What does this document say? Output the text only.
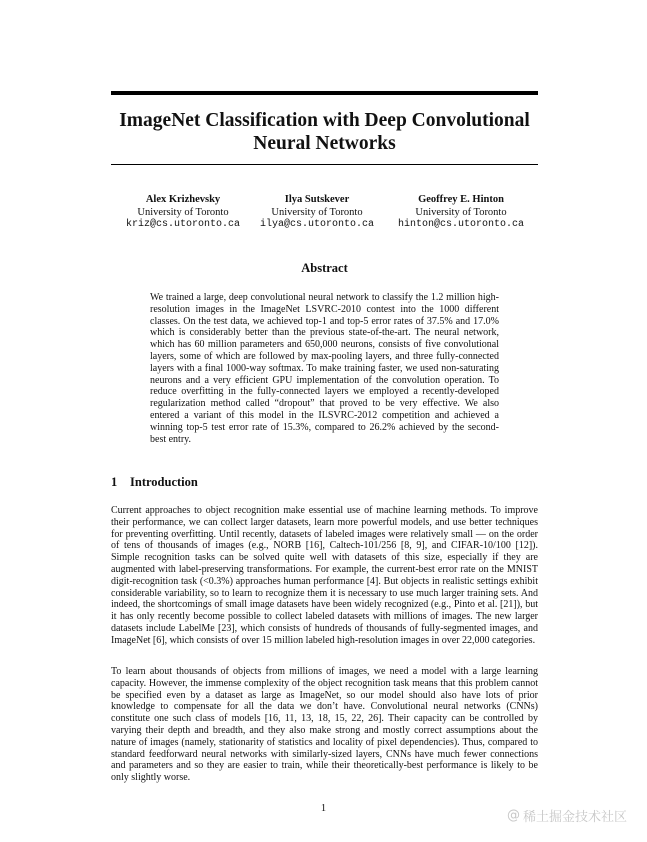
ImageNet Classification with Deep Convolutional
Neural Networks
Alex Krizhevsky
University of Toronto
kriz@cs.utoronto.ca
Ilya Sutskever
University of Toronto
ilya@cs.utoronto.ca
Geoffrey E. Hinton
University of Toronto
hinton@cs.utoronto.ca
Abstract

We trained a large, deep convolutional neural network to classify the 1.2 million high-resolution images in the ImageNet LSVRC-2010 contest into the 1000 different classes. On the test data, we achieved top-1 and top-5 error rates of 37.5% and 17.0% which is considerably better than the previous state-of-the-art. The neural network, which has 60 million parameters and 650,000 neurons, consists of five convolutional layers, some of which are followed by max-pooling layers, and three fully-connected layers with a final 1000-way softmax. To make training faster, we used non-saturating neurons and a very efficient GPU implementation of the convolution operation. To reduce overfitting in the fully-connected layers we employed a recently-developed regularization method called “dropout” that proved to be very effective. We also entered a variant of this model in the ILSVRC-2012 competition and achieved a winning top-5 test error rate of 15.3%, compared to 26.2% achieved by the second-best entry.

1 Introduction

Current approaches to object recognition make essential use of machine learning methods. To improve their performance, we can collect larger datasets, learn more powerful models, and use better techniques for preventing overfitting. Until recently, datasets of labeled images were relatively small — on the order of tens of thousands of images (e.g., NORB [16], Caltech-101/256 [8, 9], and CIFAR-10/100 [12]). Simple recognition tasks can be solved quite well with datasets of this size, especially if they are augmented with label-preserving transformations. For example, the current-best error rate on the MNIST digit-recognition task (<0.3%) approaches human performance [4]. But objects in realistic settings exhibit considerable variability, so to learn to recognize them it is necessary to use much larger training sets. And indeed, the shortcomings of small image datasets have been widely recognized (e.g., Pinto et al. [21]), but it has only recently become possible to collect labeled datasets with millions of images. The new larger datasets include LabelMe [23], which consists of hundreds of thousands of fully-segmented images, and ImageNet [6], which consists of over 15 million labeled high-resolution images in over 22,000 categories.

To learn about thousands of objects from millions of images, we need a model with a large learning capacity. However, the immense complexity of the object recognition task means that this problem cannot be specified even by a dataset as large as ImageNet, so our model should also have lots of prior knowledge to compensate for all the data we don’t have. Convolutional neural networks (CNNs) constitute one such class of models [16, 11, 13, 18, 15, 22, 26]. Their capacity can be controlled by varying their depth and breadth, and they also make strong and mostly correct assumptions about the nature of images (namely, stationarity of statistics and locality of pixel dependencies). Thus, compared to standard feedforward neural networks with similarly-sized layers, CNNs have much fewer connections and parameters and so they are easier to train, while their theoretically-best performance is likely to be only slightly worse.

1	@ 稀土掘金技术社区
